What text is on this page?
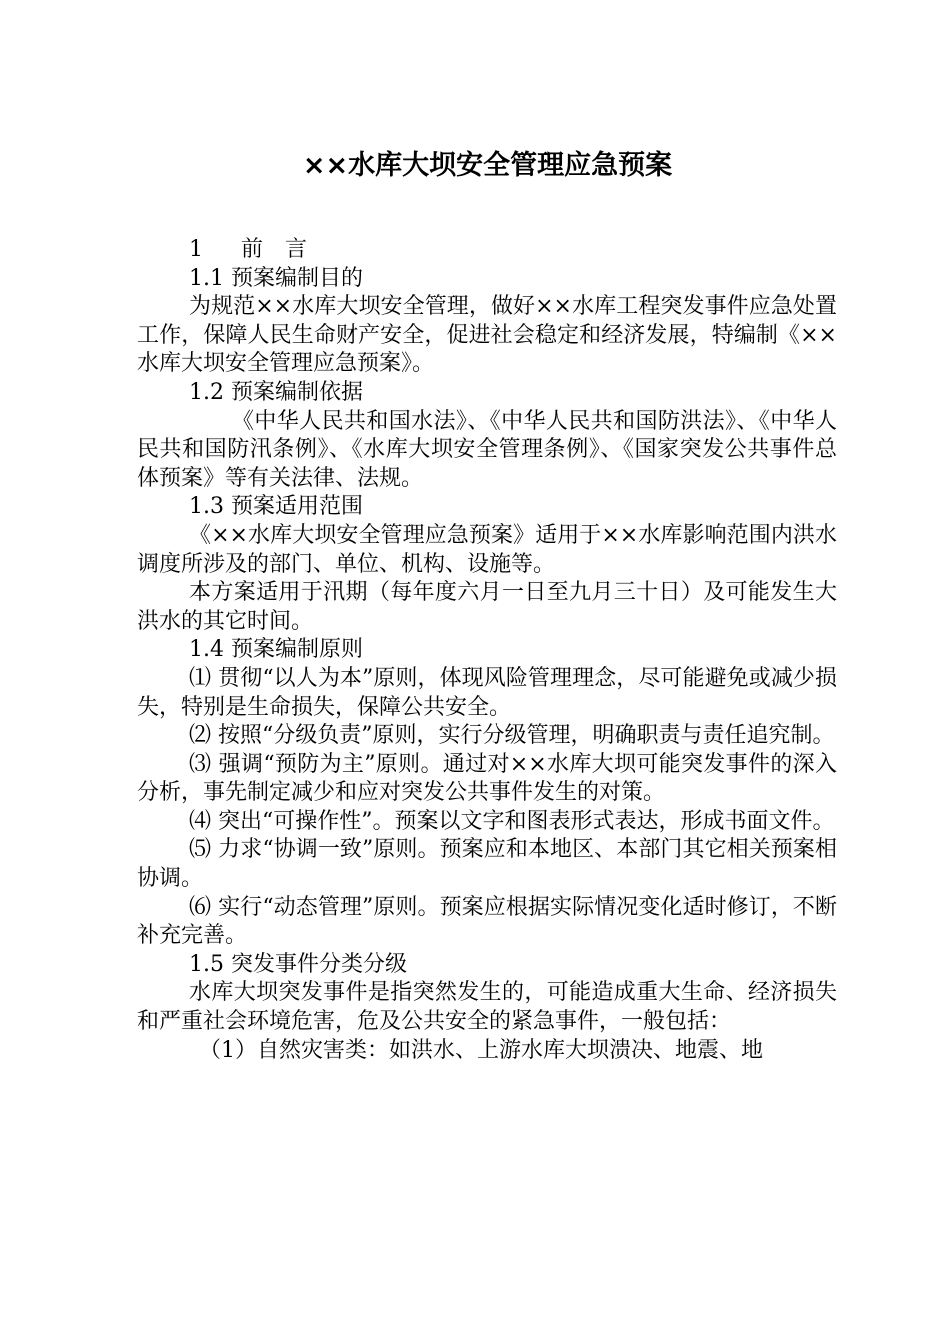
××水库大坝安全管理应急预案

1 前言

1.1 预案编制目的

为规范××水库大坝安全管理，做好××水库工程突发事件应急处置工作，保障人民生命财产安全，促进社会稳定和经济发展，特编制《××水库大坝安全管理应急预案》。

1.2 预案编制依据

《中华人民共和国水法》、《中华人民共和国防洪法》、《中华人民共和国防汛条例》、《水库大坝安全管理条例》、《国家突发公共事件总体预案》等有关法律、法规。

1.3 预案适用范围

《××水库大坝安全管理应急预案》适用于××水库影响范围内洪水调度所涉及的部门、单位、机构、设施等。

本方案适用于汛期（每年度六月一日至九月三十日）及可能发生大洪水的其它时间。

1.4 预案编制原则

⑴ 贯彻“以人为本”原则，体现风险管理理念，尽可能避免或减少损失，特别是生命损失，保障公共安全。

⑵ 按照“分级负责”原则，实行分级管理，明确职责与责任追究制。

⑶ 强调“预防为主”原则。通过对××水库大坝可能突发事件的深入分析，事先制定减少和应对突发公共事件发生的对策。

⑷ 突出“可操作性”。预案以文字和图表形式表达，形成书面文件。

⑸ 力求“协调一致”原则。预案应和本地区、本部门其它相关预案相协调。

⑹ 实行“动态管理”原则。预案应根据实际情况变化适时修订，不断补充完善。

1.5 突发事件分类分级

水库大坝突发事件是指突然发生的，可能造成重大生命、经济损失和严重社会环境危害，危及公共安全的紧急事件，一般包括：

（1）自然灾害类：如洪水、上游水库大坝溃决、地震、地
